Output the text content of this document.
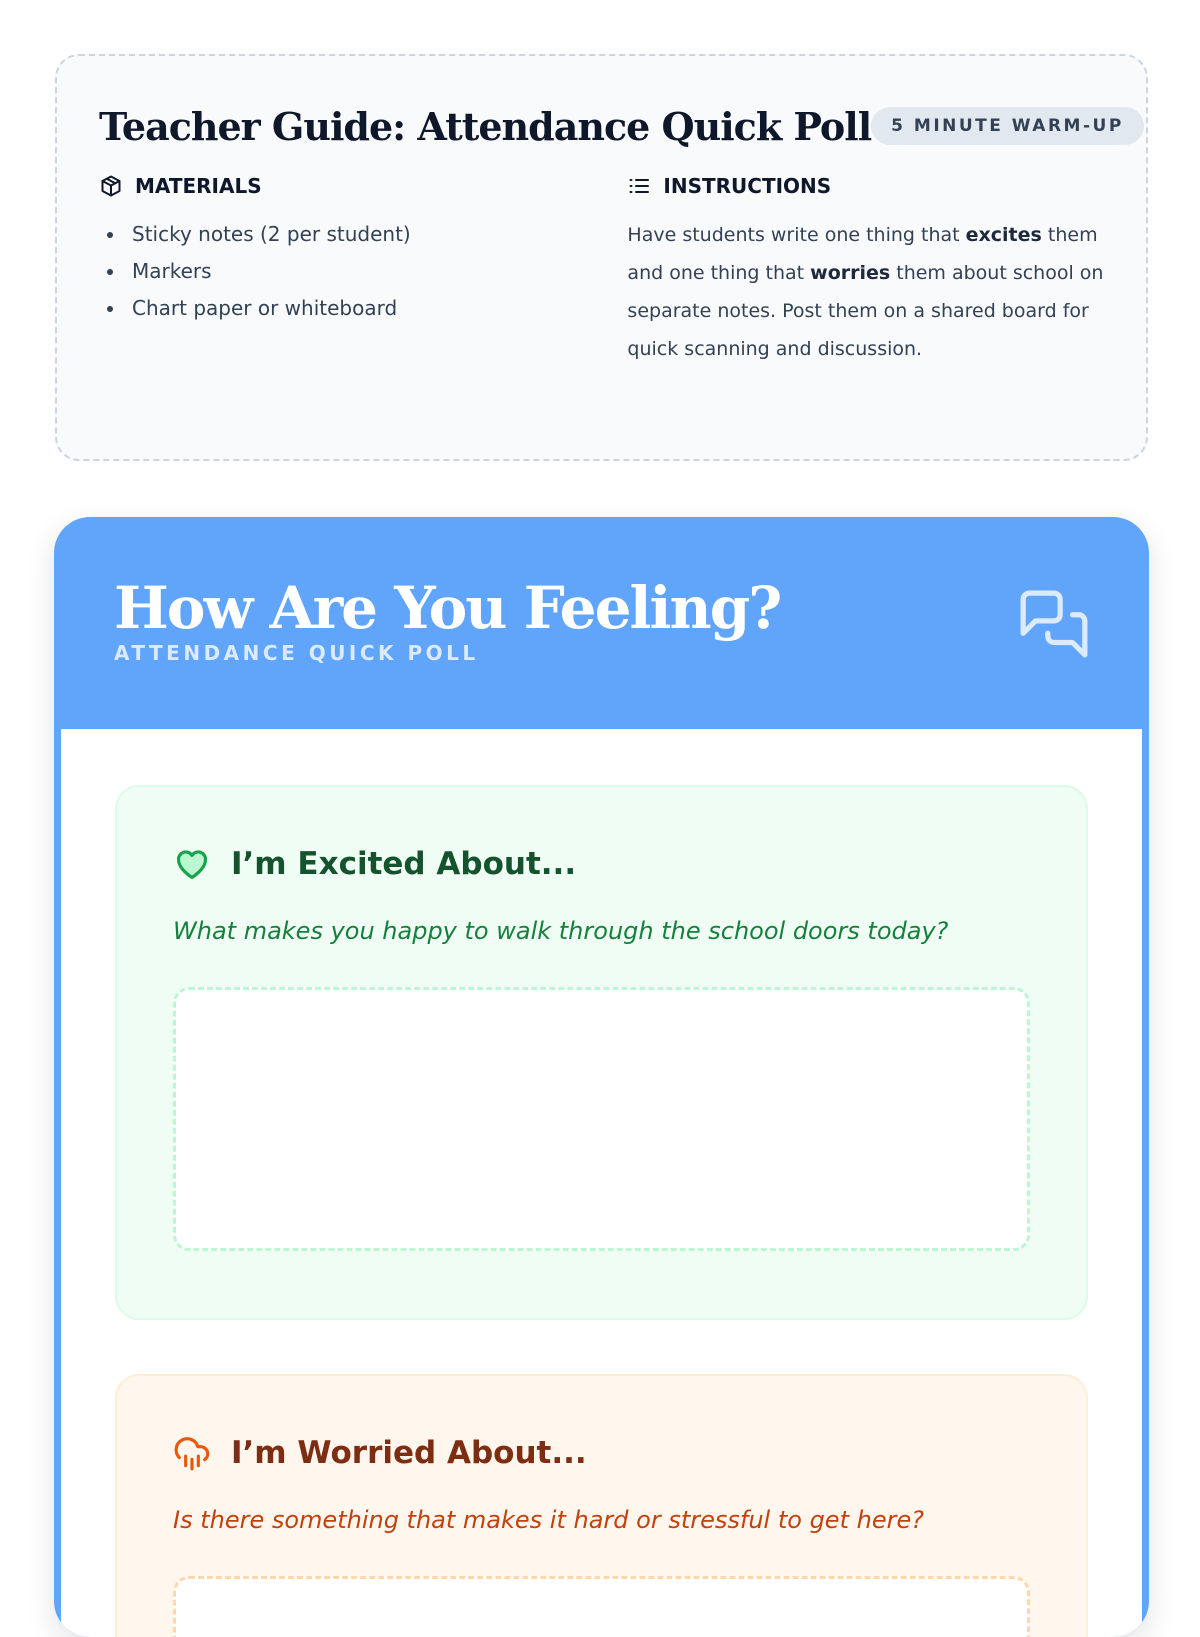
Teacher Guide: Attendance Quick Poll	5 MINUTE WARM-UP
MATERIALS
Sticky notes (2 per student)
Markers
Chart paper or whiteboard
INSTRUCTIONS

Have students write one thing that excites them and one thing that worries them about school on separate notes. Post them on a shared board for quick scanning and discussion.

How Are You Feeling?
ATTENDANCE QUICK POLL
I’m Excited About...

What makes you happy to walk through the school doors today?

I’m Worried About...

Is there something that makes it hard or stressful to get here?
